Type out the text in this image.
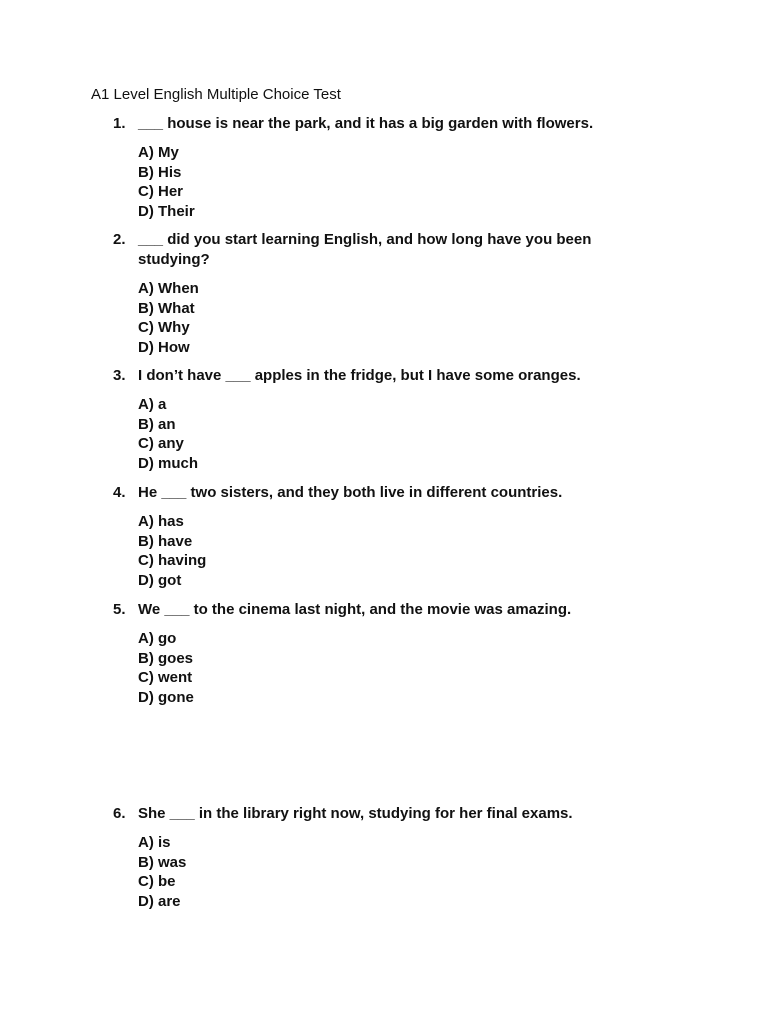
A1 Level English Multiple Choice Test
1. ___ house is near the park, and it has a big garden with flowers.
A) My
B) His
C) Her
D) Their
2. ___ did you start learning English, and how long have you been studying?
A) When
B) What
C) Why
D) How
3. I don’t have ___ apples in the fridge, but I have some oranges.
A) a
B) an
C) any
D) much
4. He ___ two sisters, and they both live in different countries.
A) has
B) have
C) having
D) got
5. We ___ to the cinema last night, and the movie was amazing.
A) go
B) goes
C) went
D) gone
6. She ___ in the library right now, studying for her final exams.
A) is
B) was
C) be
D) are
